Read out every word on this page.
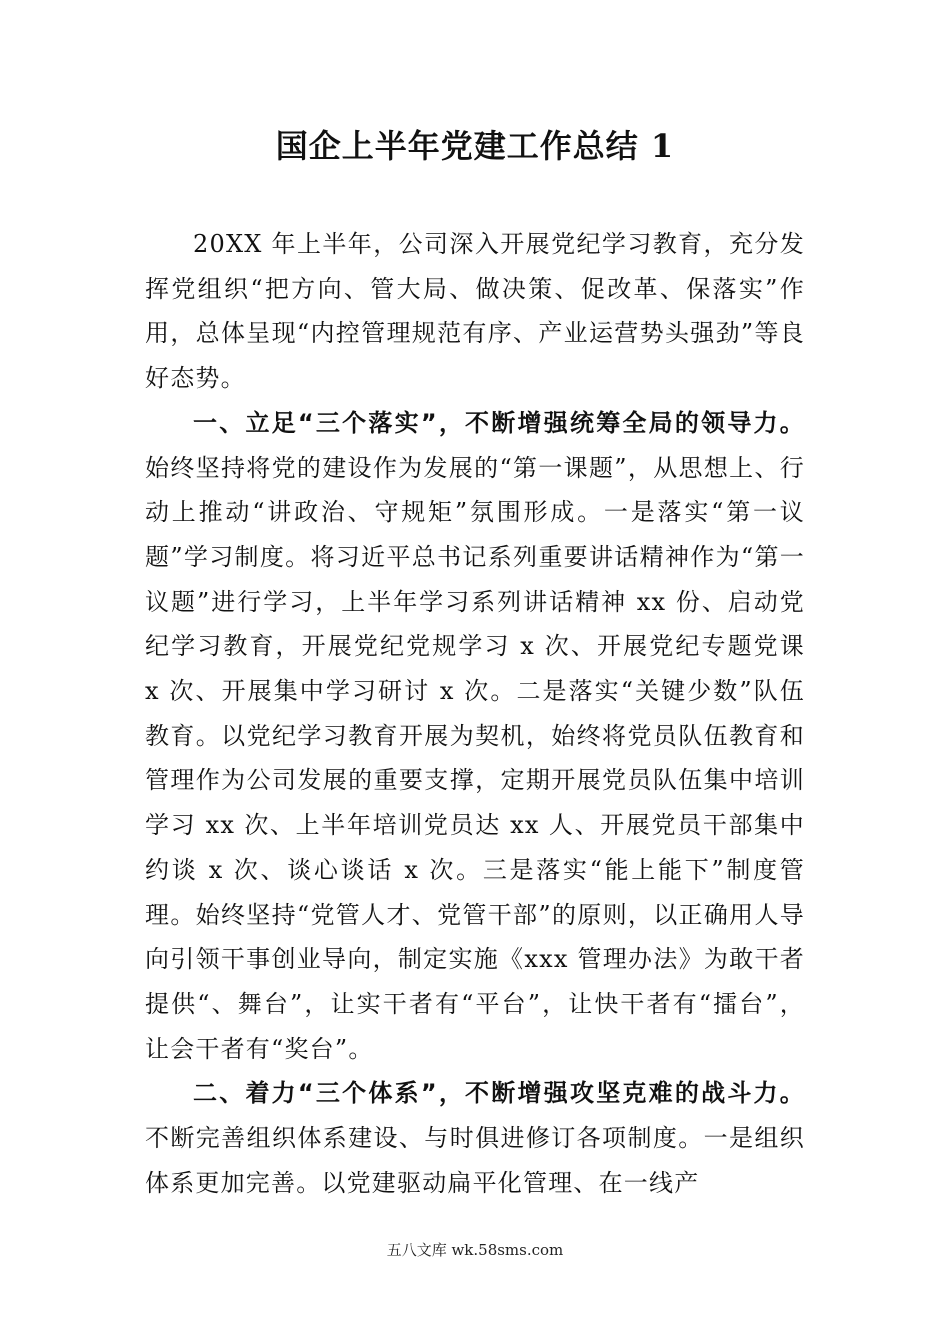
国企上半年党建工作总结 1

20XX 年上半年，公司深入开展党纪学习教育，充分发挥党组织“把方向、管大局、做决策、促改革、保落实”作用，总体呈现“内控管理规范有序、产业运营势头强劲”等良好态势。

一、立足“三个落实”，不断增强统筹全局的领导力。始终坚持将党的建设作为发展的“第一课题”，从思想上、行动上推动“讲政治、守规矩”氛围形成。一是落实“第一议题”学习制度。将习近平总书记系列重要讲话精神作为“第一议题”进行学习，上半年学习系列讲话精神 xx 份、启动党纪学习教育，开展党纪党规学习 x 次、开展党纪专题党课 x 次、开展集中学习研讨 x 次。二是落实“关键少数”队伍教育。以党纪学习教育开展为契机，始终将党员队伍教育和管理作为公司发展的重要支撑，定期开展党员队伍集中培训学习 xx 次、上半年培训党员达 xx 人、开展党员干部集中约谈 x 次、谈心谈话 x 次。三是落实“能上能下”制度管理。始终坚持“党管人才、党管干部”的原则，以正确用人导向引领干事创业导向，制定实施《xxx 管理办法》为敢干者提供“、舞台”，让实干者有“平台”，让快干者有“擂台”，让会干者有“奖台”。

二、着力“三个体系”，不断增强攻坚克难的战斗力。不断完善组织体系建设、与时俱进修订各项制度。一是组织体系更加完善。以党建驱动扁平化管理、在一线产

五八文库 wk.58sms.com
